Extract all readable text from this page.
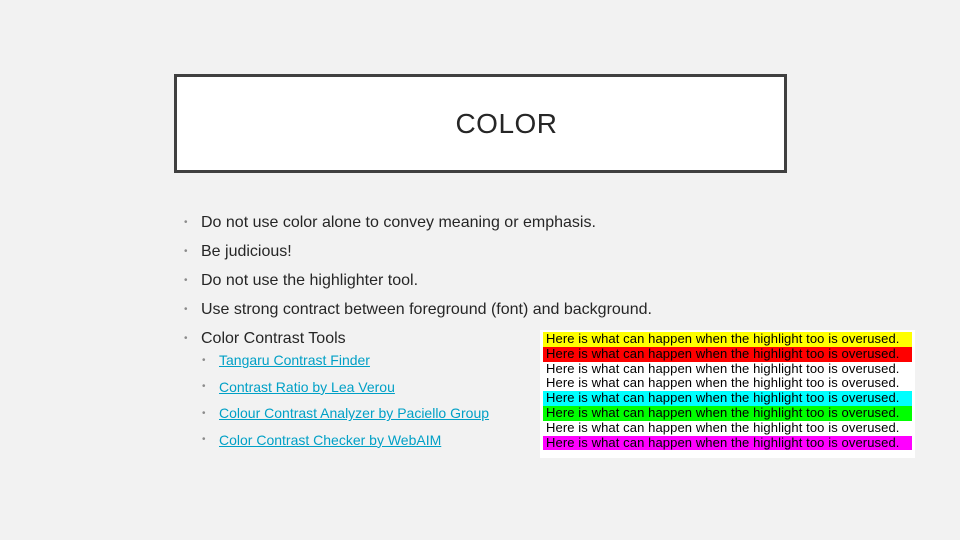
COLOR
• Do not use color alone to convey meaning or emphasis.
• Be judicious!
• Do not use the highlighter tool.
• Use strong contract between foreground (font) and background.
• Color Contrast Tools
• Tangaru Contrast Finder
• Contrast Ratio by Lea Verou
• Colour Contrast Analyzer by Paciello Group
• Color Contrast Checker by WebAIM
Here is what can happen when the highlight too is overused.
Here is what can happen when the highlight too is overused.
Here is what can happen when the highlight too is overused.
Here is what can happen when the highlight too is overused.
Here is what can happen when the highlight too is overused.
Here is what can happen when the highlight too is overused.
Here is what can happen when the highlight too is overused.
Here is what can happen when the highlight too is overused.
